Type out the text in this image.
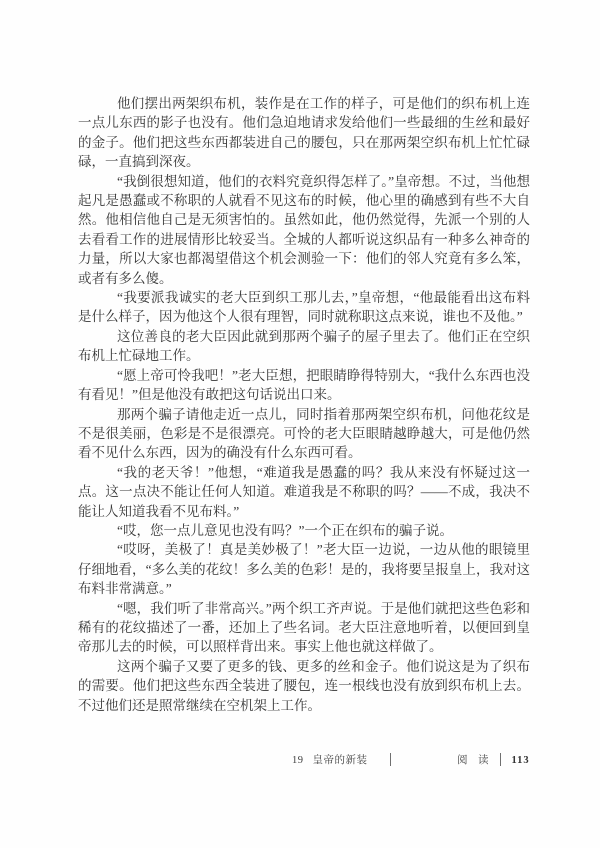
他们摆出两架织布机，装作是在工作的样子，可是他们的织布机上连一点儿东西的影子也没有。他们急迫地请求发给他们一些最细的生丝和最好的金子。他们把这些东西都装进自己的腰包，只在那两架空织布机上忙忙碌碌，一直搞到深夜。

“我倒很想知道，他们的衣料究竟织得怎样了。”皇帝想。不过，当他想起凡是愚蠢或不称职的人就看不见这布的时候，他心里的确感到有些不大自然。他相信他自己是无须害怕的。虽然如此，他仍然觉得，先派一个别的人去看看工作的进展情形比较妥当。全城的人都听说这织品有一种多么神奇的力量，所以大家也都渴望借这个机会测验一下：他们的邻人究竟有多么笨，或者有多么傻。

“我要派我诚实的老大臣到织工那儿去，”皇帝想，“他最能看出这布料是什么样子，因为他这个人很有理智，同时就称职这点来说，谁也不及他。”

这位善良的老大臣因此就到那两个骗子的屋子里去了。他们正在空织布机上忙碌地工作。

“愿上帝可怜我吧！”老大臣想，把眼睛睁得特别大，“我什么东西也没有看见！”但是他没有敢把这句话说出口来。

那两个骗子请他走近一点儿，同时指着那两架空织布机，问他花纹是不是很美丽，色彩是不是很漂亮。可怜的老大臣眼睛越睁越大，可是他仍然看不见什么东西，因为的确没有什么东西可看。

“我的老天爷！”他想，“难道我是愚蠢的吗？我从来没有怀疑过这一点。这一点决不能让任何人知道。难道我是不称职的吗？——不成，我决不能让人知道我看不见布料。”

“哎，您一点儿意见也没有吗？”一个正在织布的骗子说。

“哎呀，美极了！真是美妙极了！”老大臣一边说，一边从他的眼镜里仔细地看，“多么美的花纹！多么美的色彩！是的，我将要呈报皇上，我对这布料非常满意。”

“嗯，我们听了非常高兴。”两个织工齐声说。于是他们就把这些色彩和稀有的花纹描述了一番，还加上了些名词。老大臣注意地听着，以便回到皇帝那儿去的时候，可以照样背出来。事实上他也就这样做了。

这两个骗子又要了更多的钱、更多的丝和金子。他们说这是为了织布的需要。他们把这些东西全装进了腰包，连一根线也没有放到织布机上去。不过他们还是照常继续在空机架上工作。

19 皇帝的新装	阅　读 113
